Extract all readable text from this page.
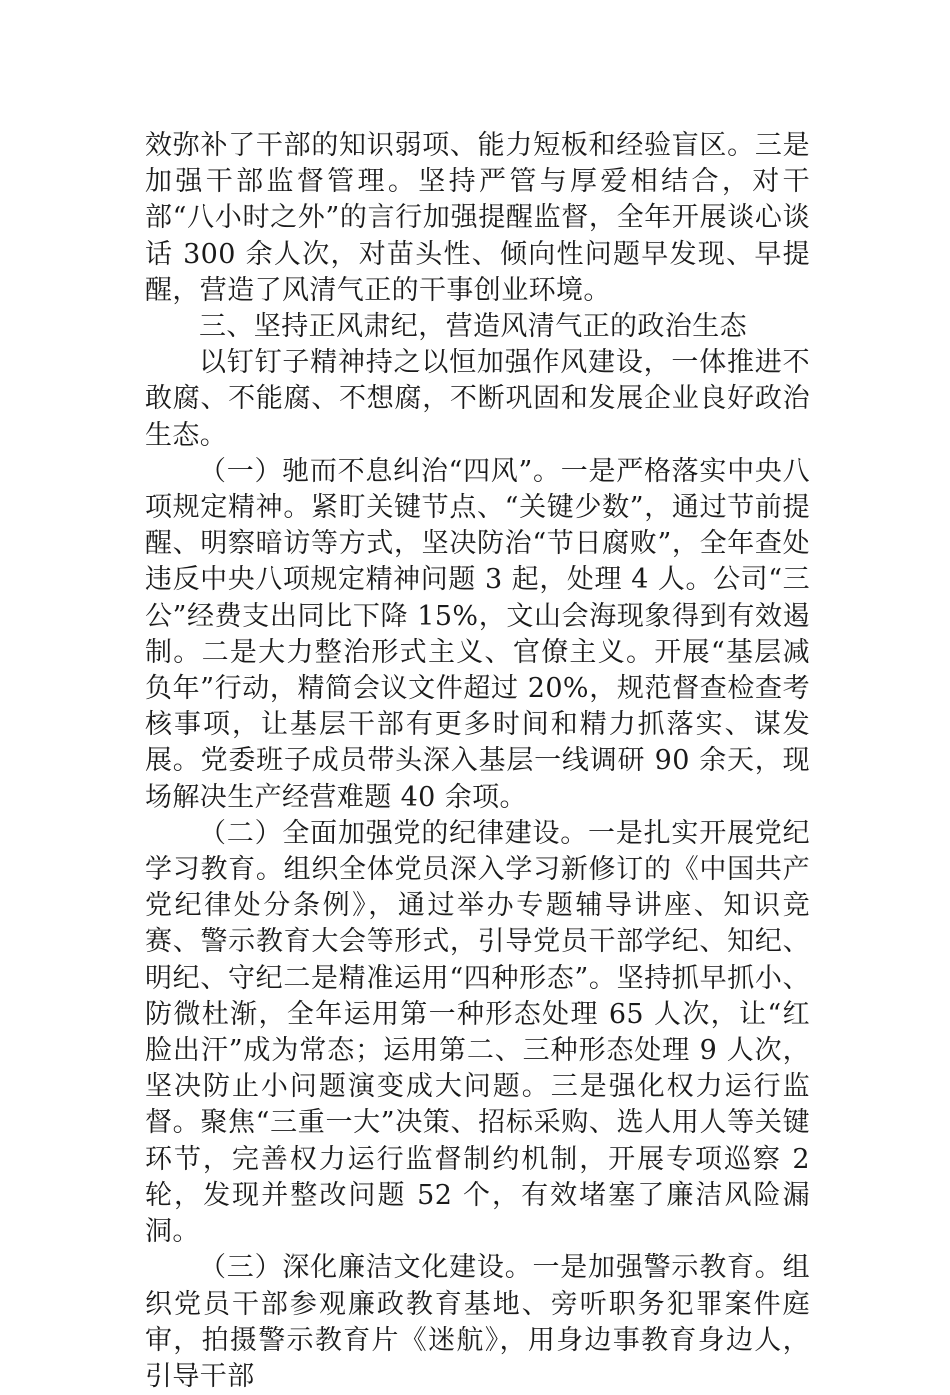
效弥补了干部的知识弱项、能力短板和经验盲区。三是加强干部监督管理。坚持严管与厚爱相结合，对干部“八小时之外”的言行加强提醒监督，全年开展谈心谈话 300 余人次，对苗头性、倾向性问题早发现、早提醒，营造了风清气正的干事创业环境。

三、坚持正风肃纪，营造风清气正的政治生态

以钉钉子精神持之以恒加强作风建设，一体推进不敢腐、不能腐、不想腐，不断巩固和发展企业良好政治生态。

（一）驰而不息纠治“四风”。一是严格落实中央八项规定精神。紧盯关键节点、“关键少数”，通过节前提醒、明察暗访等方式，坚决防治“节日腐败”，全年查处违反中央八项规定精神问题 3 起，处理 4 人。公司“三公”经费支出同比下降 15%，文山会海现象得到有效遏制。二是大力整治形式主义、官僚主义。开展“基层减负年”行动，精简会议文件超过 20%，规范督查检查考核事项，让基层干部有更多时间和精力抓落实、谋发展。党委班子成员带头深入基层一线调研 90 余天，现场解决生产经营难题 40 余项。

（二）全面加强党的纪律建设。一是扎实开展党纪学习教育。组织全体党员深入学习新修订的《中国共产党纪律处分条例》，通过举办专题辅导讲座、知识竞赛、警示教育大会等形式，引导党员干部学纪、知纪、明纪、守纪二是精准运用“四种形态”。坚持抓早抓小、防微杜渐，全年运用第一种形态处理 65 人次，让“红脸出汗”成为常态；运用第二、三种形态处理 9 人次，坚决防止小问题演变成大问题。三是强化权力运行监督。聚焦“三重一大”决策、招标采购、选人用人等关键环节，完善权力运行监督制约机制，开展专项巡察 2 轮，发现并整改问题 52 个，有效堵塞了廉洁风险漏洞。

（三）深化廉洁文化建设。一是加强警示教育。组织党员干部参观廉政教育基地、旁听职务犯罪案件庭审，拍摄警示教育片《迷航》，用身边事教育身边人，引导干部
